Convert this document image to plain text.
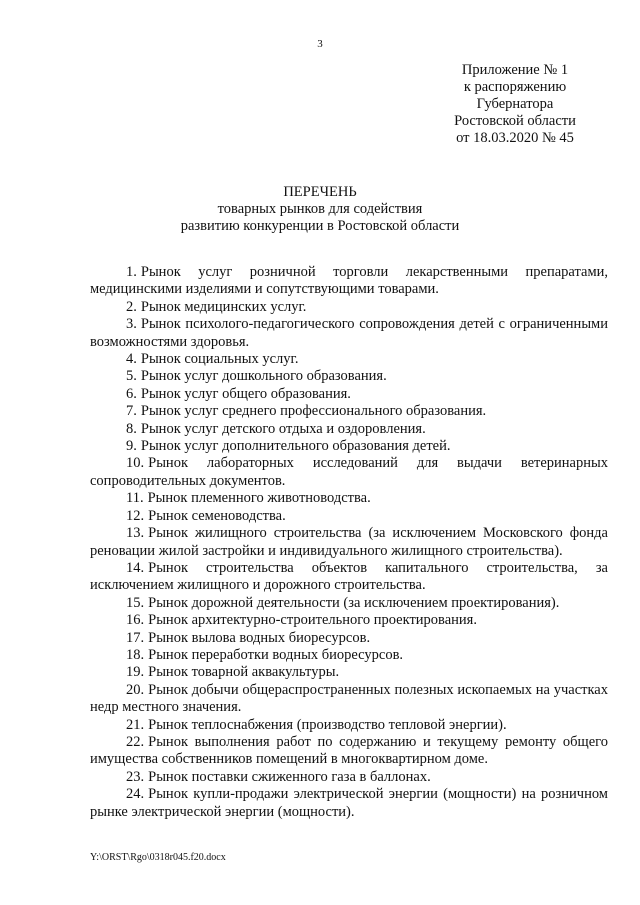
3
Приложение № 1
к распоряжению
Губернатора
Ростовской области
от 18.03.2020 № 45
ПЕРЕЧЕНЬ
товарных рынков для содействия
развитию конкуренции в Ростовской области

1. Рынок услуг розничной торговли лекарственными препаратами, медицинскими изделиями и сопутствующими товарами.

2. Рынок медицинских услуг.

3. Рынок психолого-педагогического сопровождения детей с ограниченными возможностями здоровья.

4. Рынок социальных услуг.

5. Рынок услуг дошкольного образования.

6. Рынок услуг общего образования.

7. Рынок услуг среднего профессионального образования.

8. Рынок услуг детского отдыха и оздоровления.

9. Рынок услуг дополнительного образования детей.

10. Рынок лабораторных исследований для выдачи ветеринарных сопроводительных документов.

11. Рынок племенного животноводства.

12. Рынок семеноводства.

13. Рынок жилищного строительства (за исключением Московского фонда реновации жилой застройки и индивидуального жилищного строительства).

14. Рынок строительства объектов капитального строительства, за исключением жилищного и дорожного строительства.

15. Рынок дорожной деятельности (за исключением проектирования).

16. Рынок архитектурно-строительного проектирования.

17. Рынок вылова водных биоресурсов.

18. Рынок переработки водных биоресурсов.

19. Рынок товарной аквакультуры.

20. Рынок добычи общераспространенных полезных ископаемых на участках недр местного значения.

21. Рынок теплоснабжения (производство тепловой энергии).

22. Рынок выполнения работ по содержанию и текущему ремонту общего имущества собственников помещений в многоквартирном доме.

23. Рынок поставки сжиженного газа в баллонах.

24. Рынок купли-продажи электрической энергии (мощности) на розничном рынке электрической энергии (мощности).

Y:\ORST\Rgo\0318r045.f20.docx
